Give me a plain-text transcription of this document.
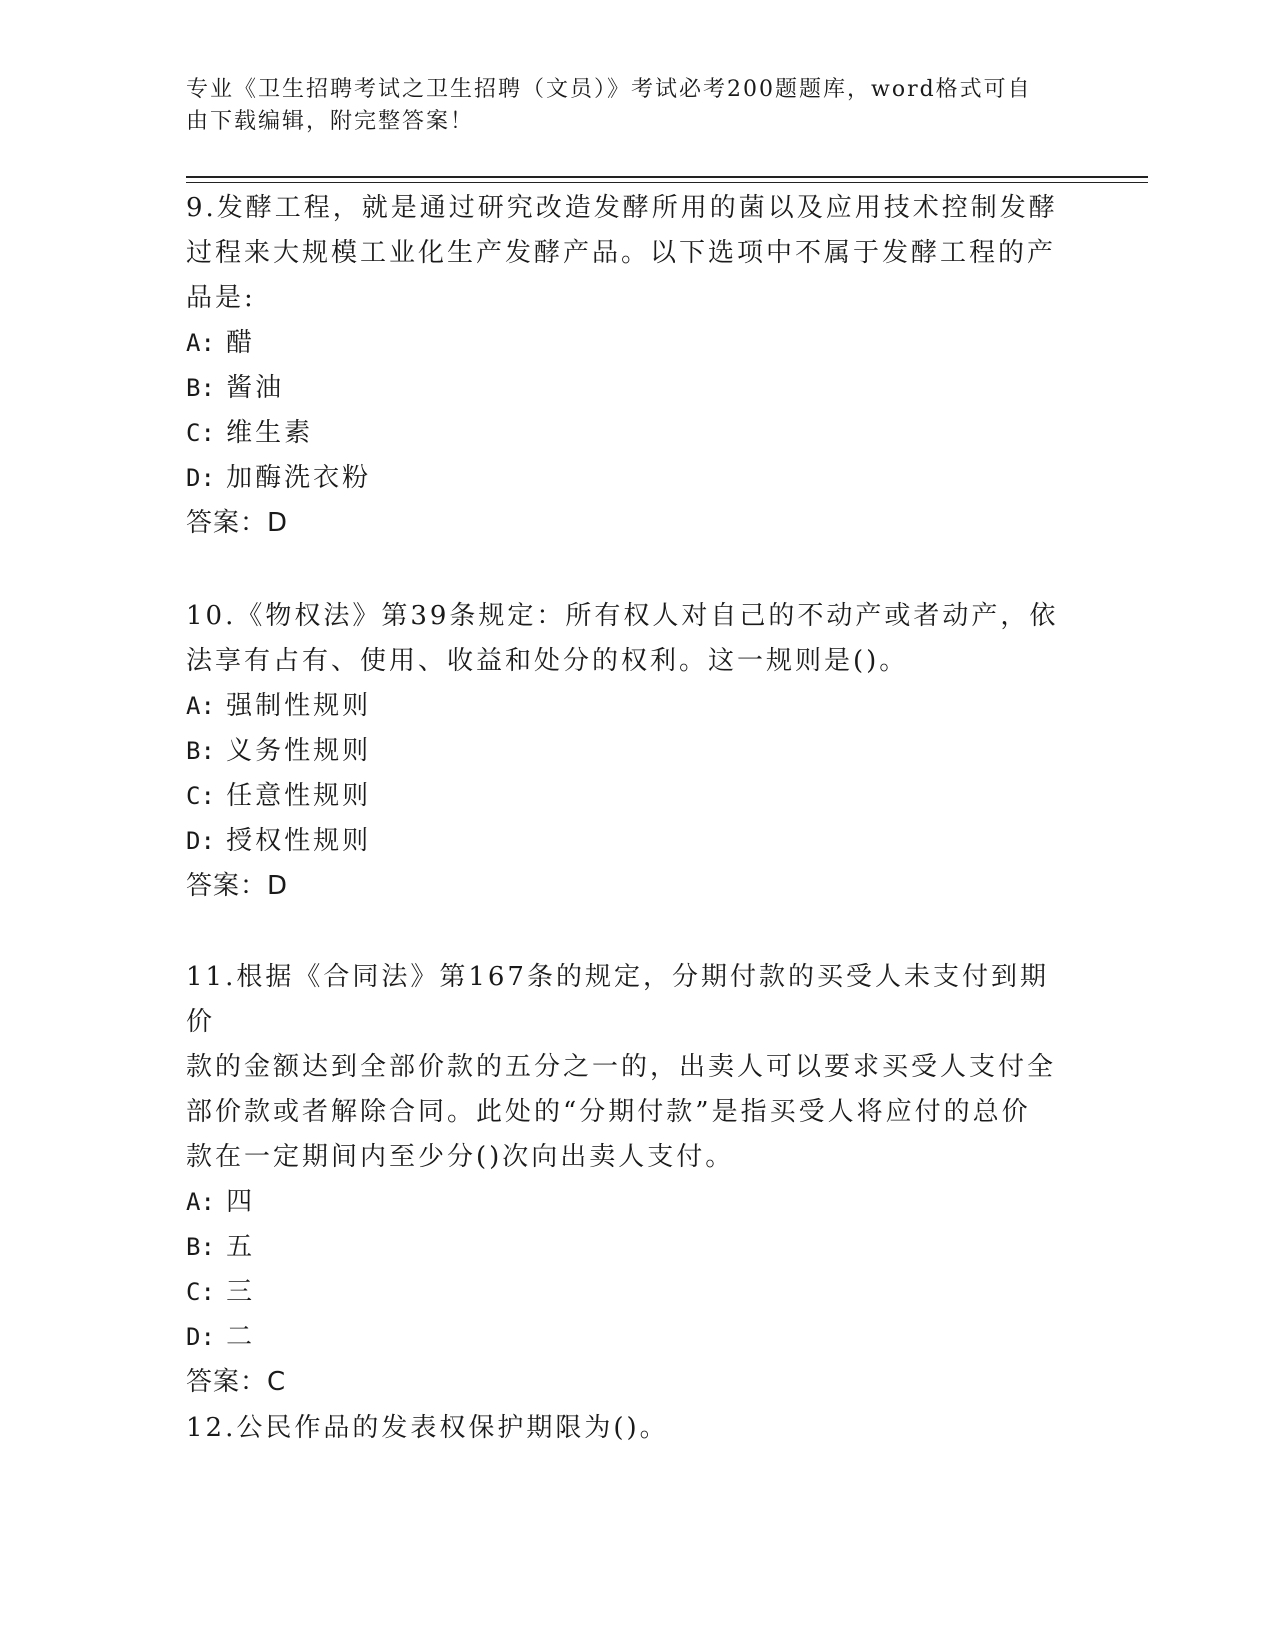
专业《卫生招聘考试之卫生招聘（文员）》考试必考200题题库，word格式可自
由下载编辑，附完整答案！

9.发酵工程，就是通过研究改造发酵所用的菌以及应用技术控制发酵

过程来大规模工业化生产发酵产品。以下选项中不属于发酵工程的产

品是:

A: 醋

B: 酱油

C: 维生素

D: 加酶洗衣粉

答案：D

10.《物权法》第39条规定：所有权人对自己的不动产或者动产，依

法享有占有、使用、收益和处分的权利。这一规则是()。

A: 强制性规则

B: 义务性规则

C: 任意性规则

D: 授权性规则

答案：D

11.根据《合同法》第167条的规定，分期付款的买受人未支付到期价

款的金额达到全部价款的五分之一的，出卖人可以要求买受人支付全

部价款或者解除合同。此处的“分期付款”是指买受人将应付的总价

款在一定期间内至少分()次向出卖人支付。

A: 四

B: 五

C: 三

D: 二

答案：C

12.公民作品的发表权保护期限为()。
